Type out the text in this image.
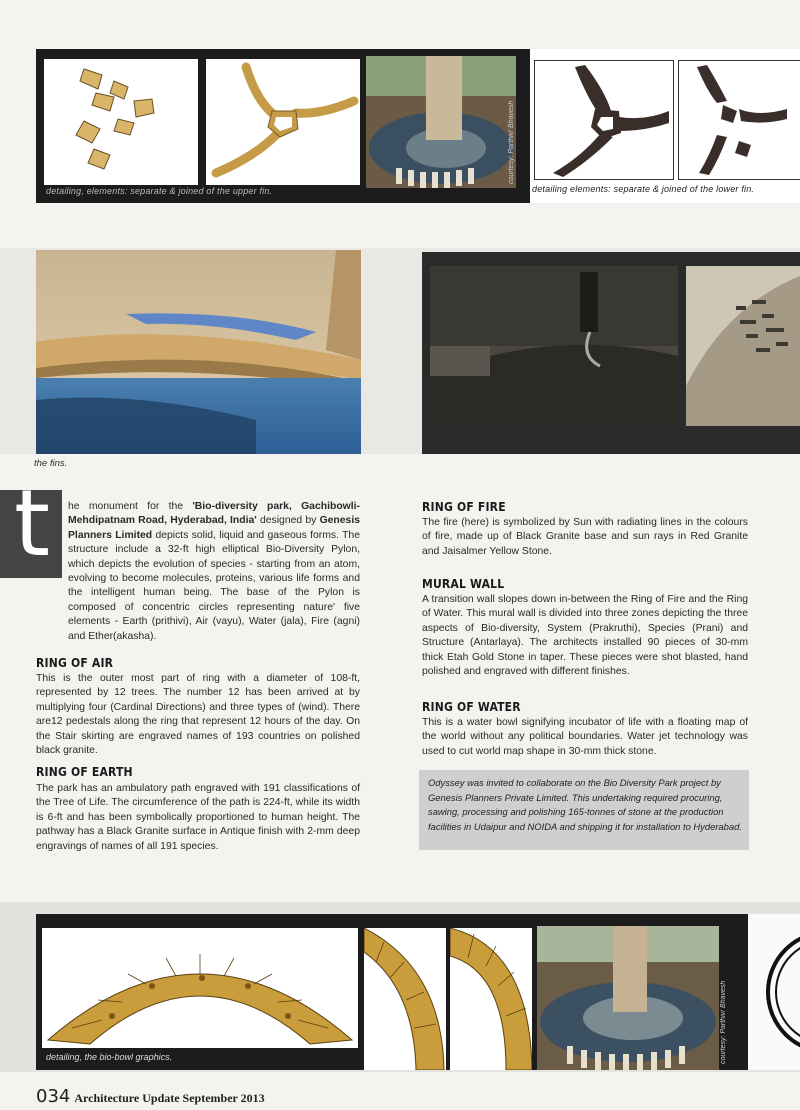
courtesy: Parthiv/ Bhavesh
detailing, elements: separate & joined of the upper fin.	detailing elements: separate & joined of the lower fin.
the fins.
t he monument for the 'Bio-diversity park, Gachibowli-Mehdipatnam Road, Hyderabad, India' designed by Genesis Planners Limited depicts solid, liquid and gaseous forms. The structure include a 32-ft high elliptical Bio-Diversity Pylon, which depicts the evolution of species - starting from an atom, evolving to become molecules, proteins, various life forms and the intelligent human being. The base of the Pylon is composed of concentric circles representing nature' five elements - Earth (prithivi), Air (vayu), Water (jala), Fire (agni) and Ether(akasha).
RING OF AIR
This is the outer most part of ring with a diameter of 108-ft, represented by 12 trees. The number 12 has been arrived at by multiplying four (Cardinal Directions) and three types of (wind). There are12 pedestals along the ring that represent 12 hours of the day. On the Stair skirting are engraved names of 193 countries on polished black granite.
RING OF EARTH
The park has an ambulatory path engraved with 191 classifications of the Tree of Life. The circumference of the path is 224-ft, while its width is 6-ft and has been symbolically proportioned to human height. The pathway has a Black Granite surface in Antique finish with 2-mm deep engravings of names of all 191 species.
RING OF FIRE
The fire (here) is symbolized by Sun with radiating lines in the colours of fire, made up of Black Granite base and sun rays in Red Granite and Jaisalmer Yellow Stone.
MURAL WALL
A transition wall slopes down in-between the Ring of Fire and the Ring of Water. This mural wall is divided into three zones depicting the three aspects of Bio-diversity, System (Prakruthi), Species (Prani) and Structure (Antarlaya). The architects installed 90 pieces of 30-mm thick Etah Gold Stone in taper. These pieces were shot blasted, hand polished and engraved with different finishes.
RING OF WATER
This is a water bowl signifying incubator of life with a floating map of the world without any political boundaries. Water jet technology was used to cut world map shape in 30-mm thick stone.
Odyssey was invited to collaborate on the Bio Diversity Park project by Genesis Planners Private Limited. This undertaking required procuring, sawing, processing and polishing 165-tonnes of stone at the production facilities in Udaipur and NOIDA and shipping it for installation to Hyderabad.
courtesy: Parthiv/ Bhavesh
detailing, the bio-bowl graphics.
034 Architecture Update September 2013
